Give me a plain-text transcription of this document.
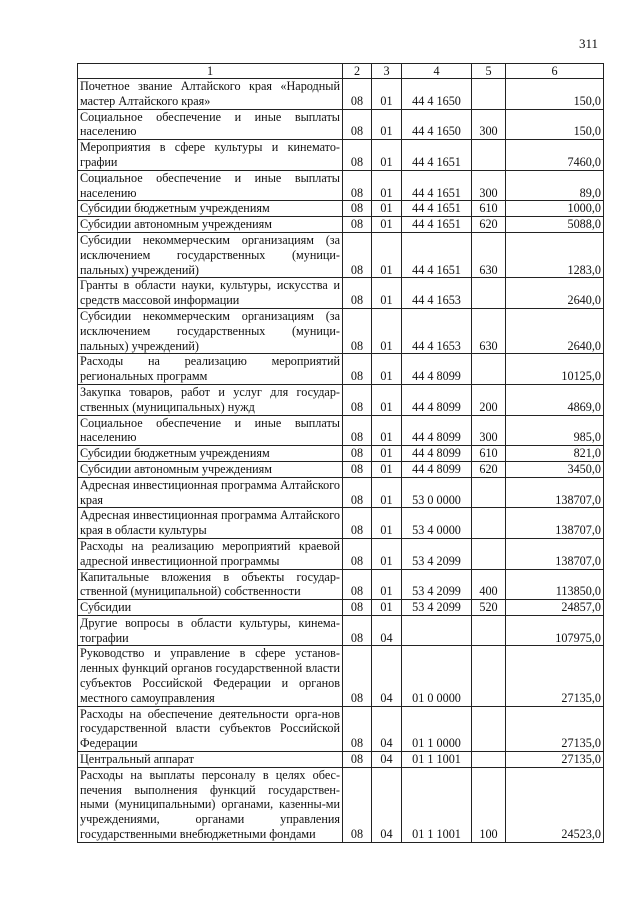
311
1	2	3	4	5	6
Почетное звание Алтайского края «Народный мастер Алтайского края»	08	01	44 4 1650		150,0
Социальное обеспечение и иные выплаты населению	08	01	44 4 1650	300	150,0
Мероприятия в сфере культуры и кинемато-графии	08	01	44 4 1651		7460,0
Социальное обеспечение и иные выплаты населению	08	01	44 4 1651	300	89,0
Субсидии бюджетным учреждениям	08	01	44 4 1651	610	1000,0
Субсидии автономным учреждениям	08	01	44 4 1651	620	5088,0
Субсидии некоммерческим организациям (за исключением государственных (муници-пальных) учреждений)	08	01	44 4 1651	630	1283,0
Гранты в области науки, культуры, искусства и средств массовой информации	08	01	44 4 1653		2640,0
Субсидии некоммерческим организациям (за исключением государственных (муници-пальных) учреждений)	08	01	44 4 1653	630	2640,0
Расходы на реализацию мероприятий региональных программ	08	01	44 4 8099		10125,0
Закупка товаров, работ и услуг для государ-ственных (муниципальных) нужд	08	01	44 4 8099	200	4869,0
Социальное обеспечение и иные выплаты населению	08	01	44 4 8099	300	985,0
Субсидии бюджетным учреждениям	08	01	44 4 8099	610	821,0
Субсидии автономным учреждениям	08	01	44 4 8099	620	3450,0
Адресная инвестиционная программа Алтайского края	08	01	53 0 0000		138707,0
Адресная инвестиционная программа Алтайского края в области культуры	08	01	53 4 0000		138707,0
Расходы на реализацию мероприятий краевой адресной инвестиционной программы	08	01	53 4 2099		138707,0
Капитальные вложения в объекты государ-ственной (муниципальной) собственности	08	01	53 4 2099	400	113850,0
Субсидии	08	01	53 4 2099	520	24857,0
Другие вопросы в области культуры, кинема-тографии	08	04			107975,0
Руководство и управление в сфере установ-ленных функций органов государственной власти субъектов Российской Федерации и органов местного самоуправления	08	04	01 0 0000		27135,0
Расходы на обеспечение деятельности орга-нов государственной власти субъектов Российской Федерации	08	04	01 1 0000		27135,0
Центральный аппарат	08	04	01 1 1001		27135,0
Расходы на выплаты персоналу в целях обес-печения выполнения функций государствен-ными (муниципальными) органами, казенны-ми учреждениями, органами управления государственными внебюджетными фондами	08	04	01 1 1001	100	24523,0
